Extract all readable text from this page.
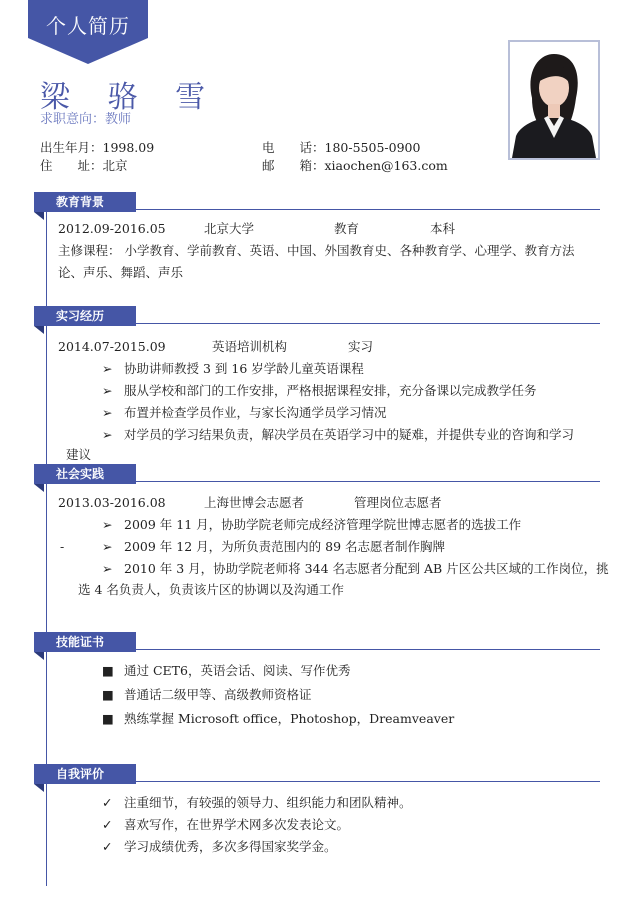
个人简历
梁 骆 雪
求职意向：教师
出生年月：1998.09
住　　址：北京
电　　话：180-5505-0900
邮　　箱：xiaochen@163.com
教育背景
2012.09-2016.05	北京大学	教育	本科
主修课程： 小学教育、学前教育、英语、中国、外国教育史、各种教育学、心理学、教育方法
论、声乐、舞蹈、声乐
实习经历
2014.07-2015.09	英语培训机构	实习
➢ 协助讲师教授 3 到 16 岁学龄儿童英语课程
➢ 服从学校和部门的工作安排，严格根据课程安排，充分备课以完成教学任务
➢ 布置并检查学员作业，与家长沟通学员学习情况
➢ 对学员的学习结果负责，解决学员在英语学习中的疑难，并提供专业的咨询和学习
建议
社会实践
2013.03-2016.08	上海世博会志愿者	管理岗位志愿者
➢ 2009 年 11 月，协助学院老师完成经济管理学院世博志愿者的选拔工作
-	➢ 2009 年 12 月，为所负责范围内的 89 名志愿者制作胸牌
➢ 2010 年 3 月，协助学院老师将 344 名志愿者分配到 AB 片区公共区域的工作岗位，挑
选 4 名负责人，负责该片区的协调以及沟通工作
技能证书
■ 通过 CET6，英语会话、阅读、写作优秀
■ 普通话二级甲等、高级教师资格证
■ 熟练掌握 Microsoft office，Photoshop，Dreamveaver
自我评价
✓ 注重细节，有较强的领导力、组织能力和团队精神。
✓ 喜欢写作，在世界学术网多次发表论文。
✓ 学习成绩优秀，多次多得国家奖学金。
